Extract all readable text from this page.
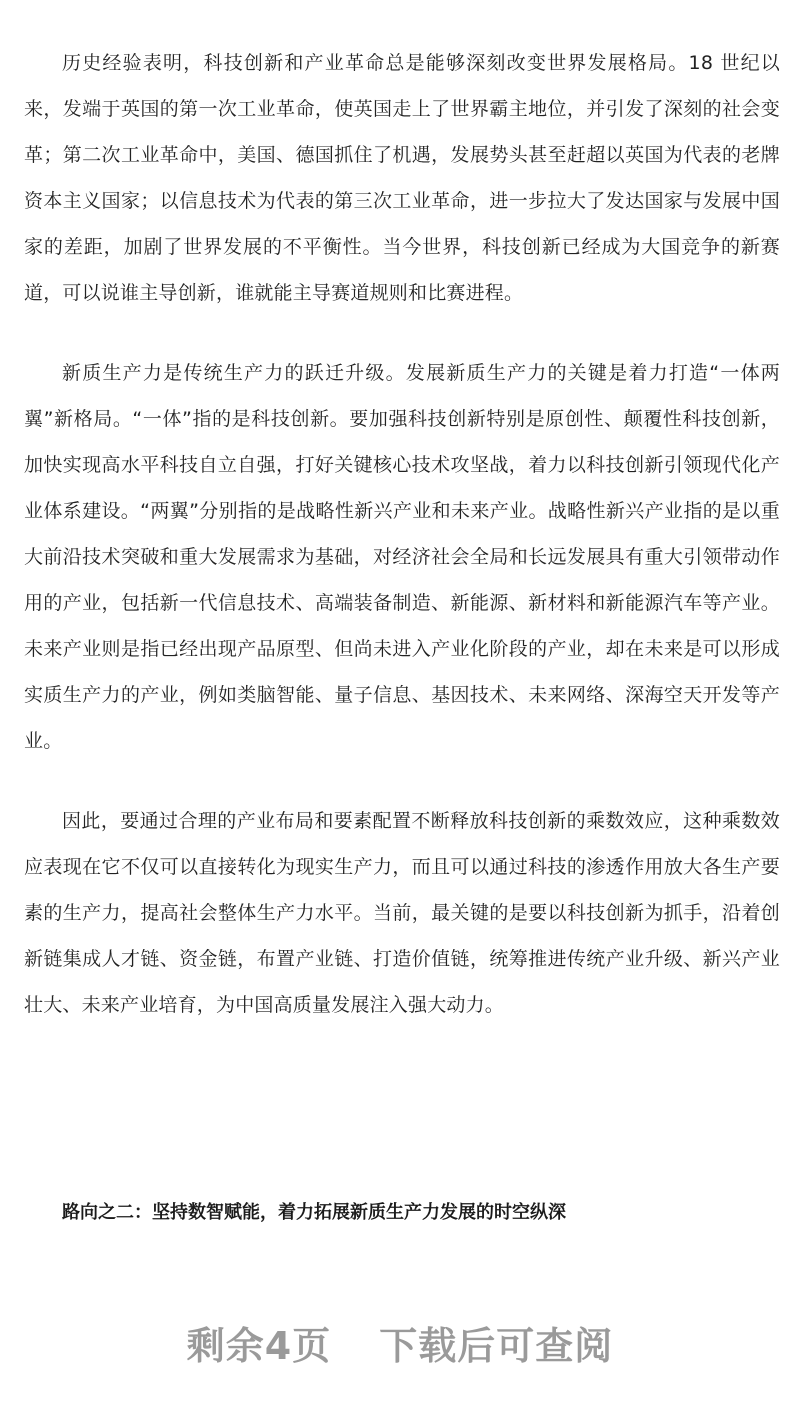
历史经验表明，科技创新和产业革命总是能够深刻改变世界发展格局。18 世纪以来，发端于英国的第一次工业革命，使英国走上了世界霸主地位，并引发了深刻的社会变革；第二次工业革命中，美国、德国抓住了机遇，发展势头甚至赶超以英国为代表的老牌资本主义国家；以信息技术为代表的第三次工业革命，进一步拉大了发达国家与发展中国家的差距，加剧了世界发展的不平衡性。当今世界，科技创新已经成为大国竞争的新赛道，可以说谁主导创新，谁就能主导赛道规则和比赛进程。

新质生产力是传统生产力的跃迁升级。发展新质生产力的关键是着力打造“一体两翼”新格局。“一体”指的是科技创新。要加强科技创新特别是原创性、颠覆性科技创新，加快实现高水平科技自立自强，打好关键核心技术攻坚战，着力以科技创新引领现代化产业体系建设。“两翼”分别指的是战略性新兴产业和未来产业。战略性新兴产业指的是以重大前沿技术突破和重大发展需求为基础，对经济社会全局和长远发展具有重大引领带动作用的产业，包括新一代信息技术、高端装备制造、新能源、新材料和新能源汽车等产业。未来产业则是指已经出现产品原型、但尚未进入产业化阶段的产业，却在未来是可以形成实质生产力的产业，例如类脑智能、量子信息、基因技术、未来网络、深海空天开发等产业。

因此，要通过合理的产业布局和要素配置不断释放科技创新的乘数效应，这种乘数效应表现在它不仅可以直接转化为现实生产力，而且可以通过科技的渗透作用放大各生产要素的生产力，提高社会整体生产力水平。当前，最关键的是要以科技创新为抓手，沿着创新链集成人才链、资金链，布置产业链、打造价值链，统筹推进传统产业升级、新兴产业壮大、未来产业培育，为中国高质量发展注入强大动力。

路向之二：坚持数智赋能，着力拓展新质生产力发展的时空纵深

剩余4页 下载后可查阅
